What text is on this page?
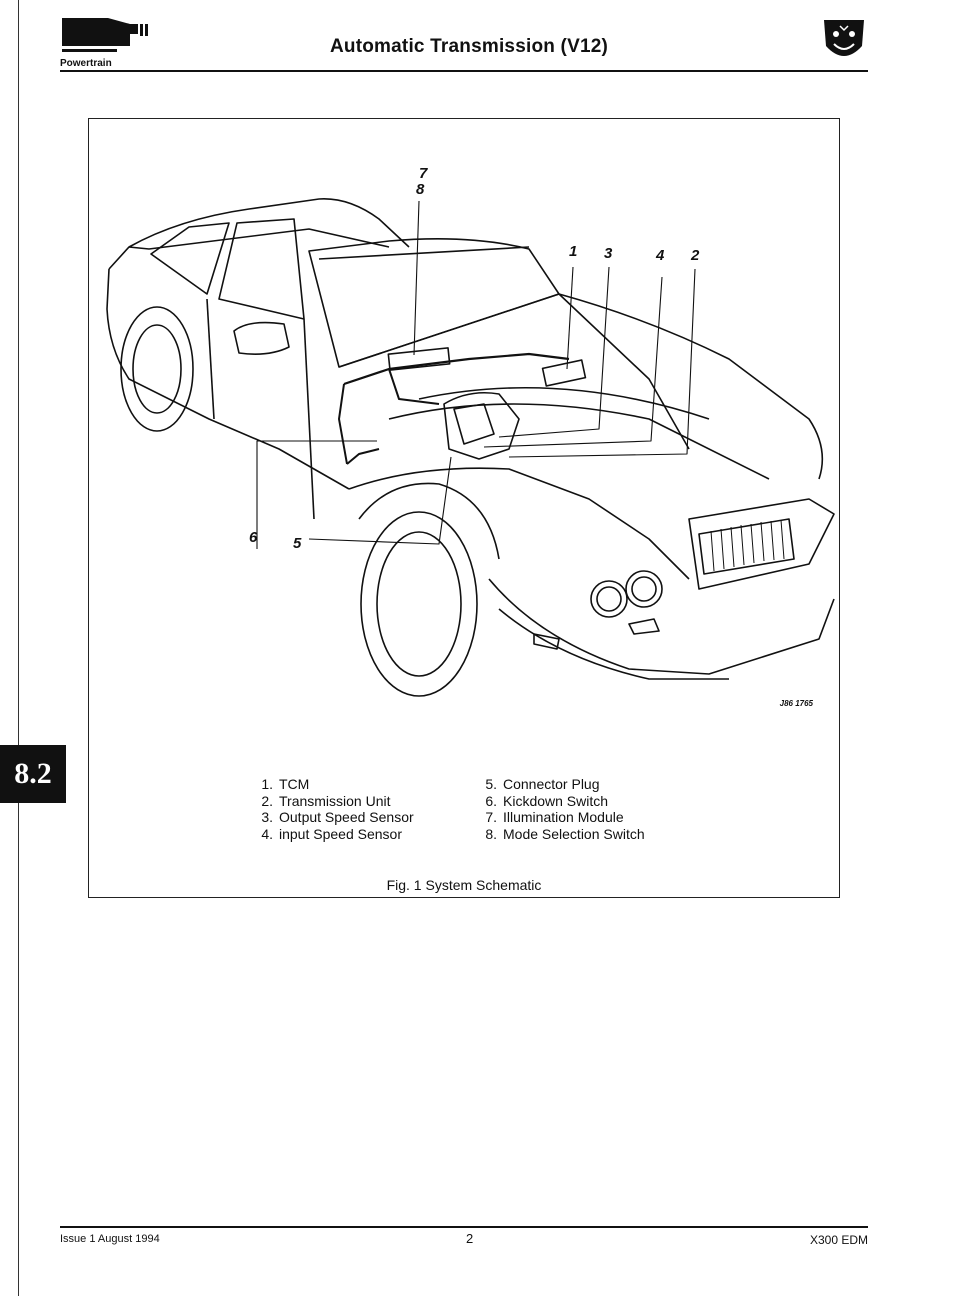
Powertrain
Automatic Transmission (V12)
8.2
7
8
1 3	4 2
6 5
J86 1765
1. TCM
2. Transmission Unit
3. Output Speed Sensor
4. input Speed Sensor
5. Connector Plug
6. Kickdown Switch
7. Illumination Module
8. Mode Selection Switch
Fig. 1 System Schematic
Issue 1 August 1994	2	X300 EDM
